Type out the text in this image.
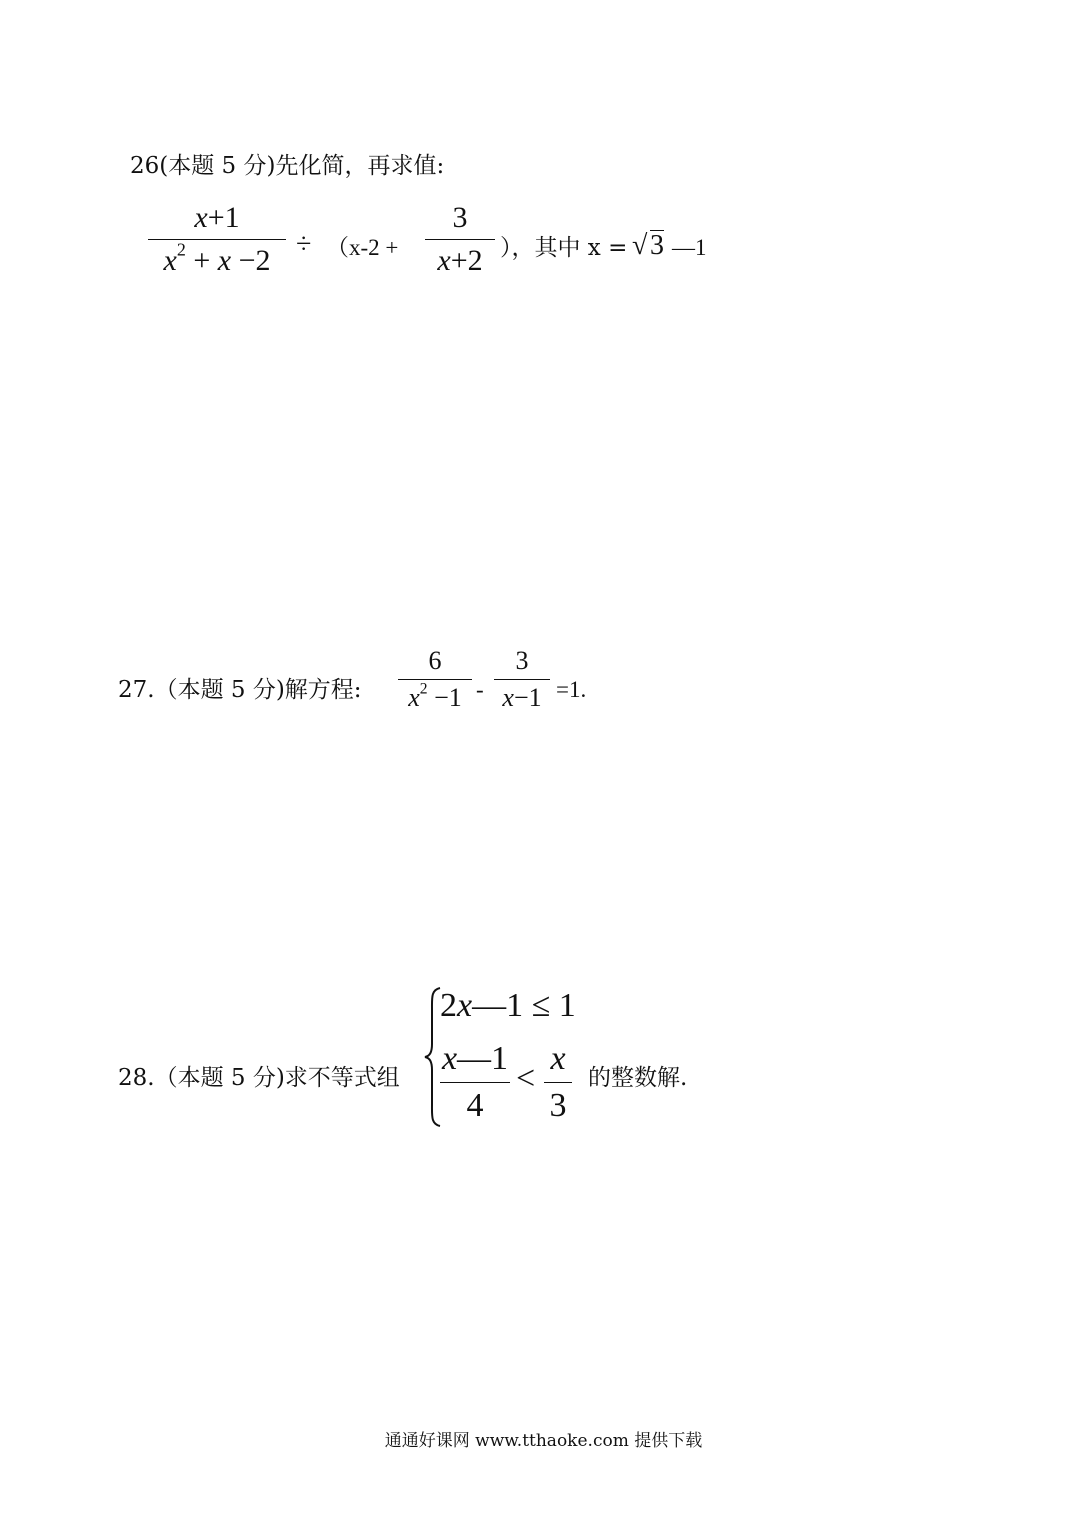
26(本题 5 分)先化简，再求值:
x+1
$x^2 + x -2 \div (x-2$ +
3
x+2 ），其中 x = √ 3 —1
27.（本题 5 分)解方程:
6
$x^2 -1$ -
3
x−1 =1.
28.（本题 5 分)求不等式组
2x—1 ≤ 1
x—1
4
<
x
3
的整数解.
通通好课网 www.tthaoke.com 提供下载
